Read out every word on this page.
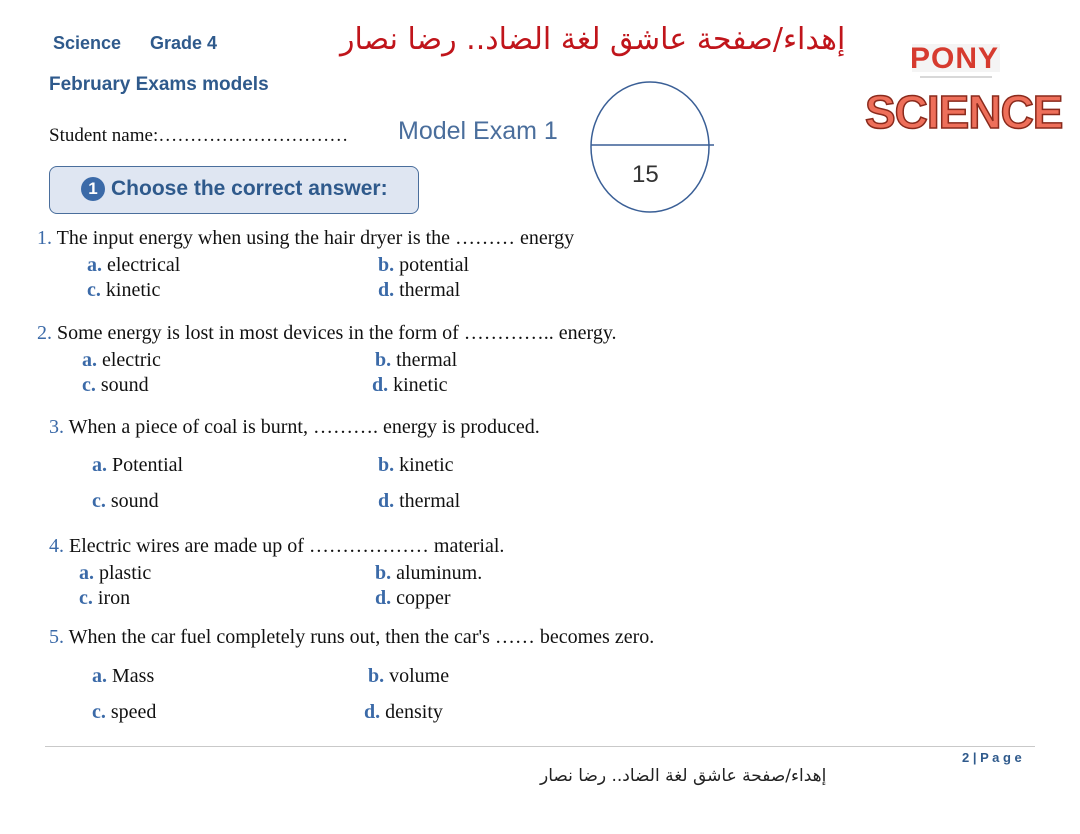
Science Grade 4	إهداء/صفحة عاشق لغة الضاد.. رضا نصار
February Exams models
Student name:………………………… Model Exam 1
15
PONY
SCIENCE
1 Choose the correct answer:
1. The input energy when using the hair dryer is the ……… energy
a. electrical	b. potential
c. kinetic	d. thermal
2. Some energy is lost in most devices in the form of ………….. energy.
a. electric	b. thermal
c. sound	d. kinetic
3. When a piece of coal is burnt, ………. energy is produced.
a. Potential	b. kinetic
c. sound	d. thermal
4. Electric wires are made up of ……………… material.
a. plastic	b. aluminum.
c. iron	d. copper
5. When the car fuel completely runs out, then the car's …… becomes zero.
a. Mass	b. volume
c. speed	d. density
2 | P a g e
إهداء/صفحة عاشق لغة الضاد.. رضا نصار
